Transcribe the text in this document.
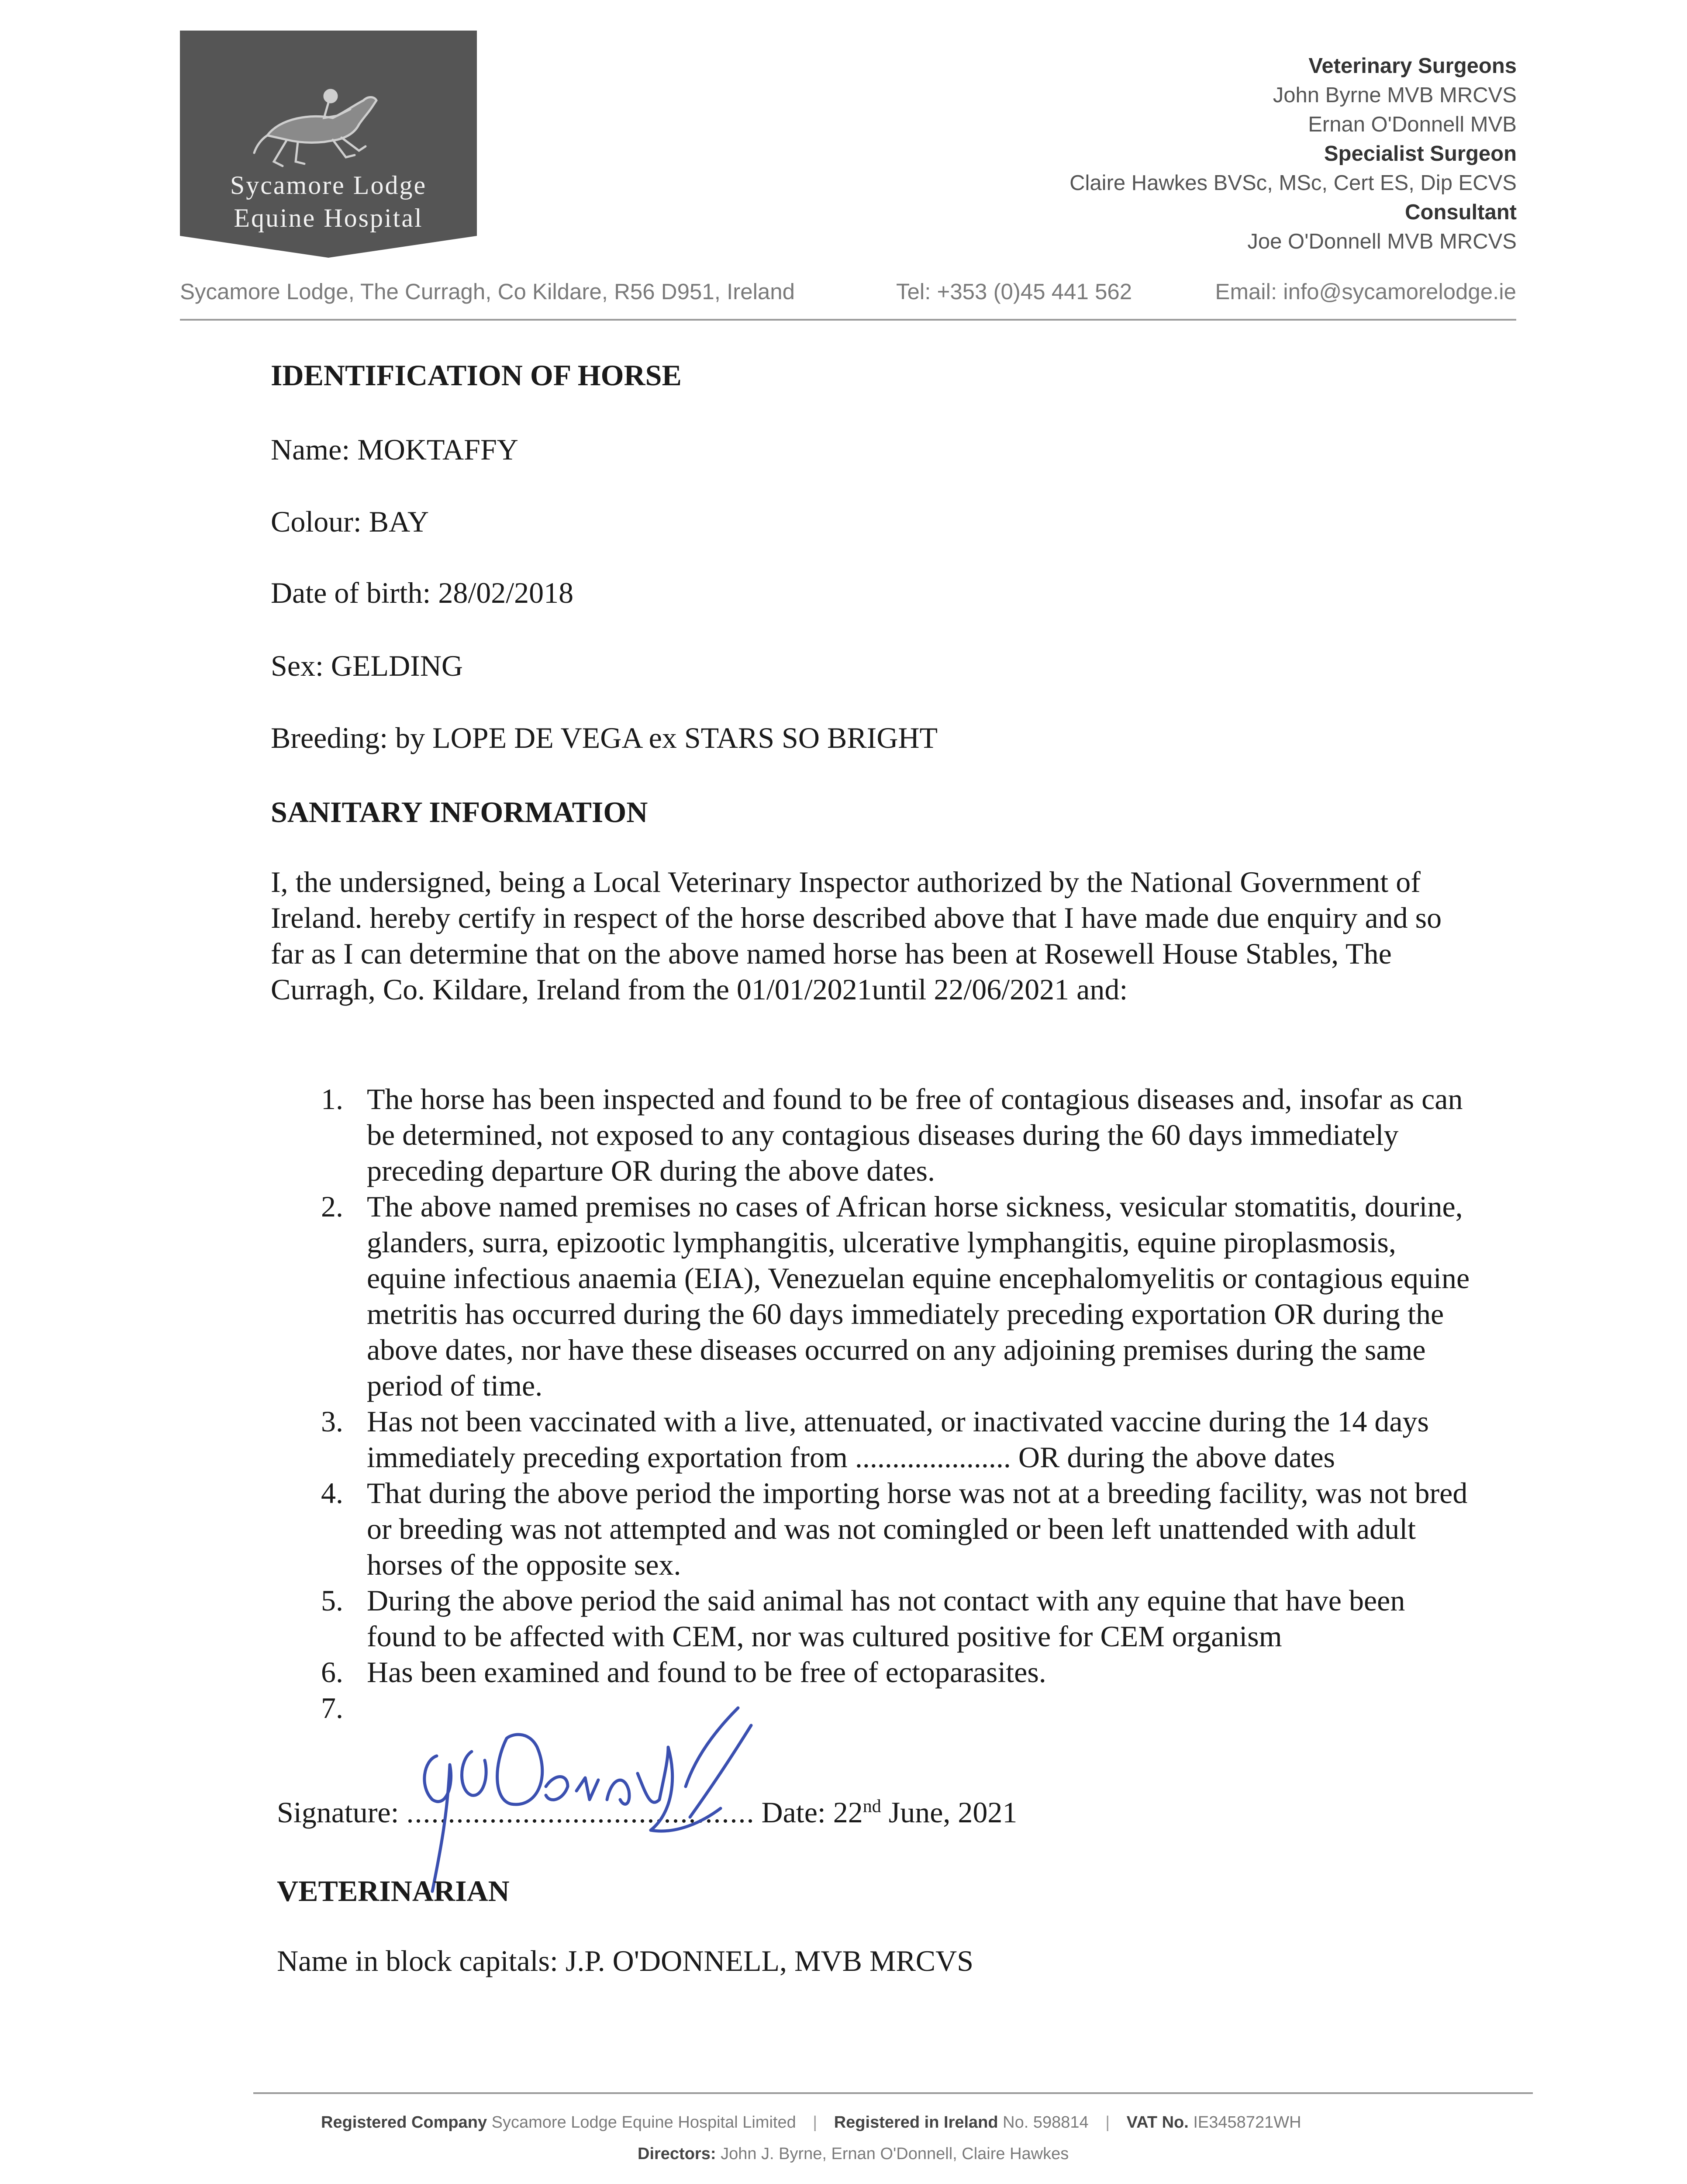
Sycamore Lodge
Equine Hospital
Veterinary Surgeons
John Byrne MVB MRCVS
Ernan O'Donnell MVB
Specialist Surgeon
Claire Hawkes BVSc, MSc, Cert ES, Dip ECVS
Consultant
Joe O'Donnell MVB MRCVS
Sycamore Lodge, The Curragh, Co Kildare, R56 D951, Ireland	Tel: +353 (0)45 441 562	Email: info@sycamorelodge.ie
IDENTIFICATION OF HORSE
Name: MOKTAFFY
Colour: BAY
Date of birth: 28/02/2018
Sex: GELDING
Breeding: by LOPE DE VEGA ex STARS SO BRIGHT
SANITARY INFORMATION
I, the undersigned, being a Local Veterinary Inspector authorized by the National Government of Ireland. hereby certify in respect of the horse described above that I have made due enquiry and so far as I can determine that on the above named horse has been at Rosewell House Stables, The Curragh, Co. Kildare, Ireland from the 01/01/2021until 22/06/2021 and:
1. The horse has been inspected and found to be free of contagious diseases and, insofar as can be determined, not exposed to any contagious diseases during the 60 days immediately preceding departure OR during the above dates.
2. The above named premises no cases of African horse sickness, vesicular stomatitis, dourine, glanders, surra, epizootic lymphangitis, ulcerative lymphangitis, equine piroplasmosis, equine infectious anaemia (EIA), Venezuelan equine encephalomyelitis or contagious equine metritis has occurred during the 60 days immediately preceding exportation OR during the above dates, nor have these diseases occurred on any adjoining premises during the same period of time.
3. Has not been vaccinated with a live, attenuated, or inactivated vaccine during the 14 days immediately preceding exportation from ..................... OR during the above dates
4. That during the above period the importing horse was not at a breeding facility, was not bred or breeding was not attempted and was not comingled or been left unattended with adult horses of the opposite sex.
5. During the above period the said animal has not contact with any equine that have been found to be affected with CEM, nor was cultured positive for CEM organism
6. Has been examined and found to be free of ectoparasites.
7.
Signature: .......................................... Date: 22nd June, 2021
VETERINARIAN
Name in block capitals: J.P. O'DONNELL, MVB MRCVS
Registered Company Sycamore Lodge Equine Hospital Limited | Registered in Ireland No. 598814 | VAT No. IE3458721WH
Directors: John J. Byrne, Ernan O'Donnell, Claire Hawkes
